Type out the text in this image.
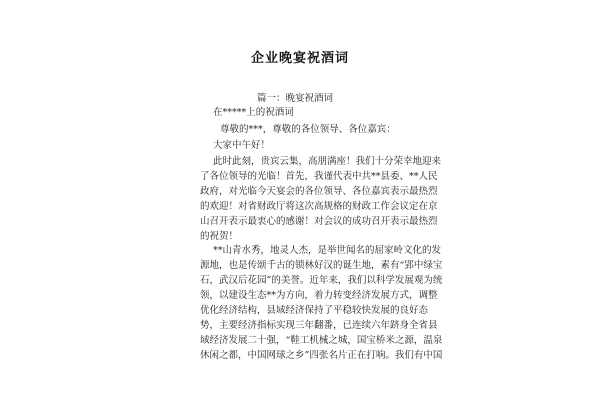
企业晚宴祝酒词
篇一：晚宴祝酒词
在*****上的祝酒词
尊敬的***，尊敬的各位领导、各位嘉宾：
大家中午好！
此时此刻，贵宾云集，高朋满座！我们十分荣幸地迎来
了各位领导的光临！首先，我谨代表中共**县委、**人民
政府，对光临今天宴会的各位领导、各位嘉宾表示最热烈
的欢迎！对省财政厅将这次高规格的财政工作会议定在京
山召开表示最衷心的感谢！对会议的成功召开表示最热烈
的祝贺！
**山青水秀，地灵人杰，是举世闻名的屈家岭文化的发
源地，也是传颂千古的锁林好汉的诞生地，素有“郢中绿宝
石，武汉后花园”的美誉。近年来，我们以科学发展观为统
领，以建设生态**为方向，着力转变经济发展方式，调整
优化经济结构，县域经济保持了平稳较快发展的良好态
势，主要经济指标实现三年翻番，已连续六年跻身全省县
域经济发展二十强，“鞋工机械之城，国宝桥米之源，温泉
休闲之都，中国网球之乡”四张名片正在打响。我们有中国
